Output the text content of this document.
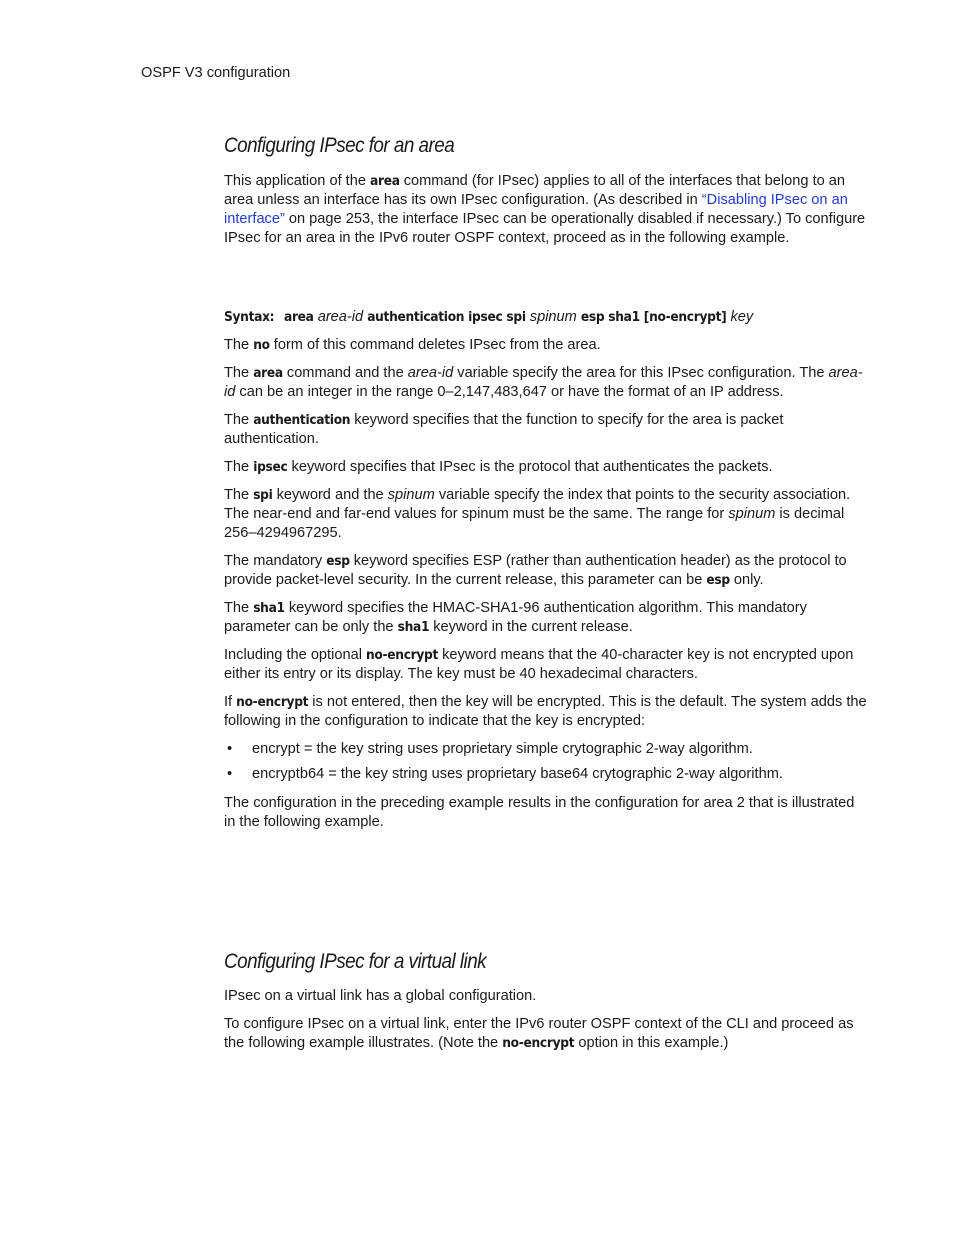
OSPF V3 configuration
Configuring IPsec for an area

This application of the area command (for IPsec) applies to all of the interfaces that belong to an area unless an interface has its own IPsec configuration. (As described in “Disabling IPsec on an interface” on page 253, the interface IPsec can be operationally disabled if necessary.) To configure IPsec for an area in the IPv6 router OSPF context, proceed as in the following example.

Syntax: area area-id authentication ipsec spi spinum esp sha1 [no-encrypt] key

The no form of this command deletes IPsec from the area.

The area command and the area-id variable specify the area for this IPsec configuration. The area-id can be an integer in the range 0–2,147,483,647 or have the format of an IP address.

The authentication keyword specifies that the function to specify for the area is packet authentication.

The ipsec keyword specifies that IPsec is the protocol that authenticates the packets.

The spi keyword and the spinum variable specify the index that points to the security association. The near-end and far-end values for spinum must be the same. The range for spinum is decimal 256–4294967295.

The mandatory esp keyword specifies ESP (rather than authentication header) as the protocol to provide packet-level security. In the current release, this parameter can be esp only.

The sha1 keyword specifies the HMAC-SHA1-96 authentication algorithm. This mandatory parameter can be only the sha1 keyword in the current release.

Including the optional no-encrypt keyword means that the 40-character key is not encrypted upon either its entry or its display. The key must be 40 hexadecimal characters.

If no-encrypt is not entered, then the key will be encrypted. This is the default. The system adds the following in the configuration to indicate that the key is encrypted:

• encrypt = the key string uses proprietary simple crytographic 2-way algorithm.
• encryptb64 = the key string uses proprietary base64 crytographic 2-way algorithm.

The configuration in the preceding example results in the configuration for area 2 that is illustrated in the following example.

Configuring IPsec for a virtual link

IPsec on a virtual link has a global configuration.

To configure IPsec on a virtual link, enter the IPv6 router OSPF context of the CLI and proceed as the following example illustrates. (Note the no-encrypt option in this example.)
